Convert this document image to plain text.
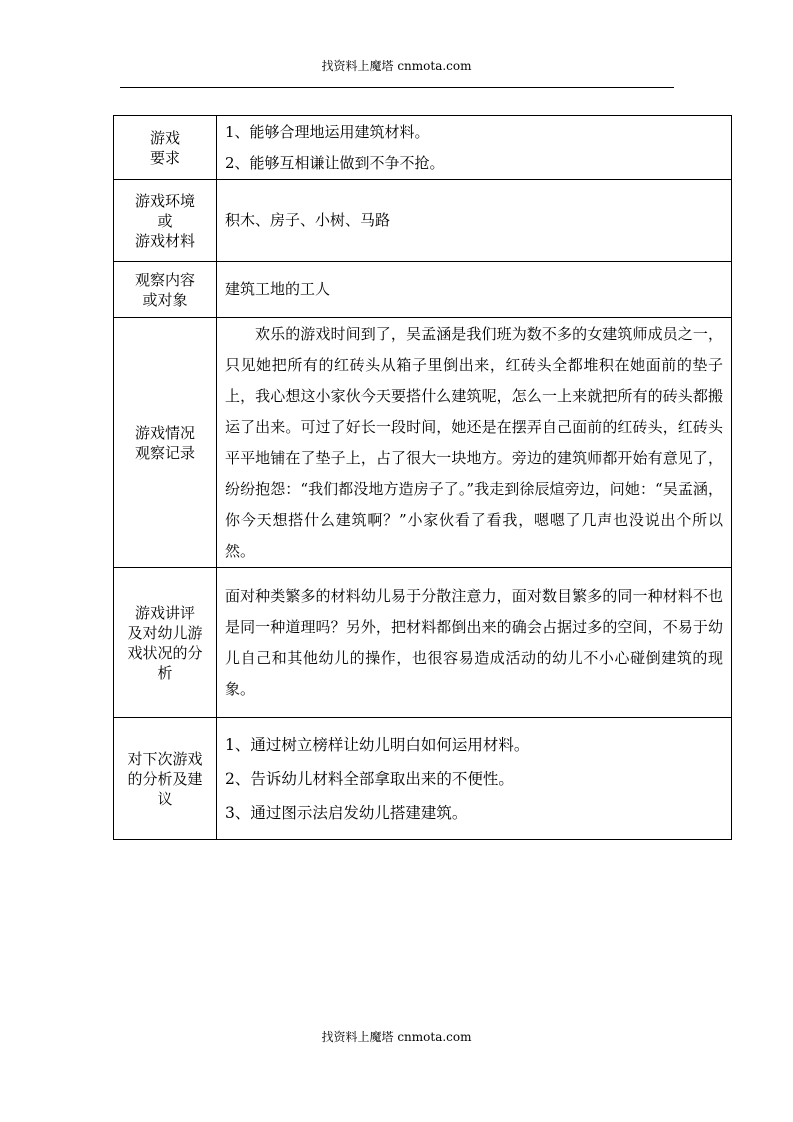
找资料上魔塔 cnmota.com
游戏
要求	1、能够合理地运用建筑材料。
2、能够互相谦让做到不争不抢。

游戏环境
或
游戏材料	积木、房子、小树、马路

观察内容
或对象	建筑工地的工人

游戏情况
观察记录	欢乐的游戏时间到了，吴孟涵是我们班为数不多的女建筑师成员之一，只见她把所有的红砖头从箱子里倒出来，红砖头全都堆积在她面前的垫子上，我心想这小家伙今天要搭什么建筑呢，怎么一上来就把所有的砖头都搬运了出来。可过了好长一段时间，她还是在摆弄自己面前的红砖头，红砖头平平地铺在了垫子上，占了很大一块地方。旁边的建筑师都开始有意见了，纷纷抱怨：“我们都没地方造房子了。”我走到徐辰煊旁边，问她：“吴孟涵，你今天想搭什么建筑啊？”小家伙看了看我，嗯嗯了几声也没说出个所以然。

游戏讲评
及对幼儿游
戏状况的分
析	面对种类繁多的材料幼儿易于分散注意力，面对数目繁多的同一种材料不也是同一种道理吗？另外，把材料都倒出来的确会占据过多的空间，不易于幼儿自己和其他幼儿的操作，也很容易造成活动的幼儿不小心碰倒建筑的现象。

对下次游戏
的分析及建
议	1、通过树立榜样让幼儿明白如何运用材料。
2、告诉幼儿材料全部拿取出来的不便性。
3、通过图示法启发幼儿搭建建筑。
找资料上魔塔 cnmota.com
